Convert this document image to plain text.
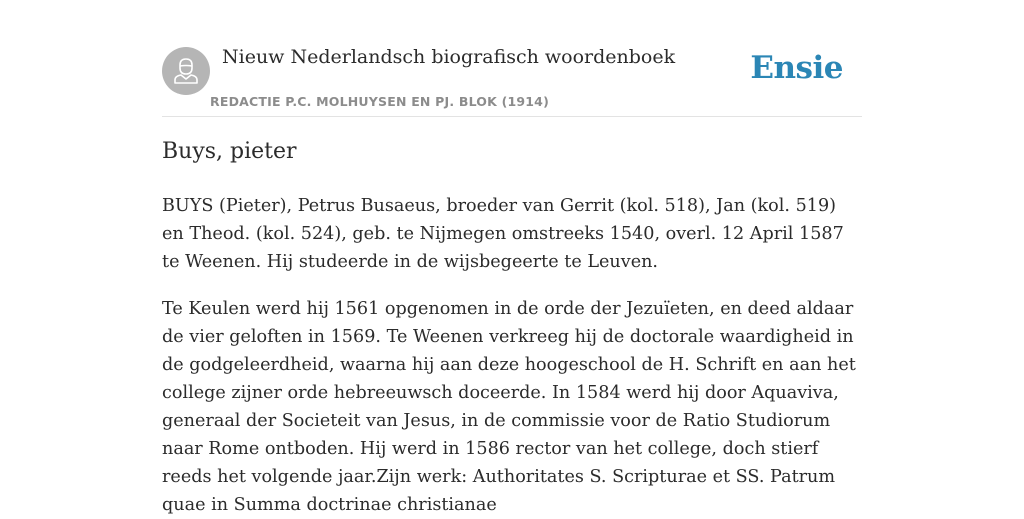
Nieuw Nederlandsch biografisch woordenboek
REDACTIE P.C. MOLHUYSEN EN PJ. BLOK (1914)
Ensie
Buys, pieter

BUYS (Pieter), Petrus Busaeus, broeder van Gerrit (kol. 518), Jan (kol. 519) en Theod. (kol. 524), geb. te Nijmegen omstreeks 1540, overl. 12 April 1587 te Weenen. Hij studeerde in de wijsbegeerte te Leuven.

Te Keulen werd hij 1561 opgenomen in de orde der Jezuïeten, en deed aldaar de vier geloften in 1569. Te Weenen verkreeg hij de doctorale waardigheid in de godgeleerdheid, waarna hij aan deze hoogeschool de H. Schrift en aan het college zijner orde hebreeuwsch doceerde. In 1584 werd hij door Aquaviva, generaal der Societeit van Jesus, in de commissie voor de Ratio Studiorum naar Rome ontboden. Hij werd in 1586 rector van het college, doch stierf reeds het volgende jaar.Zijn werk: Authoritates S. Scripturae et SS. Patrum quae in Summa doctrinae christianae
